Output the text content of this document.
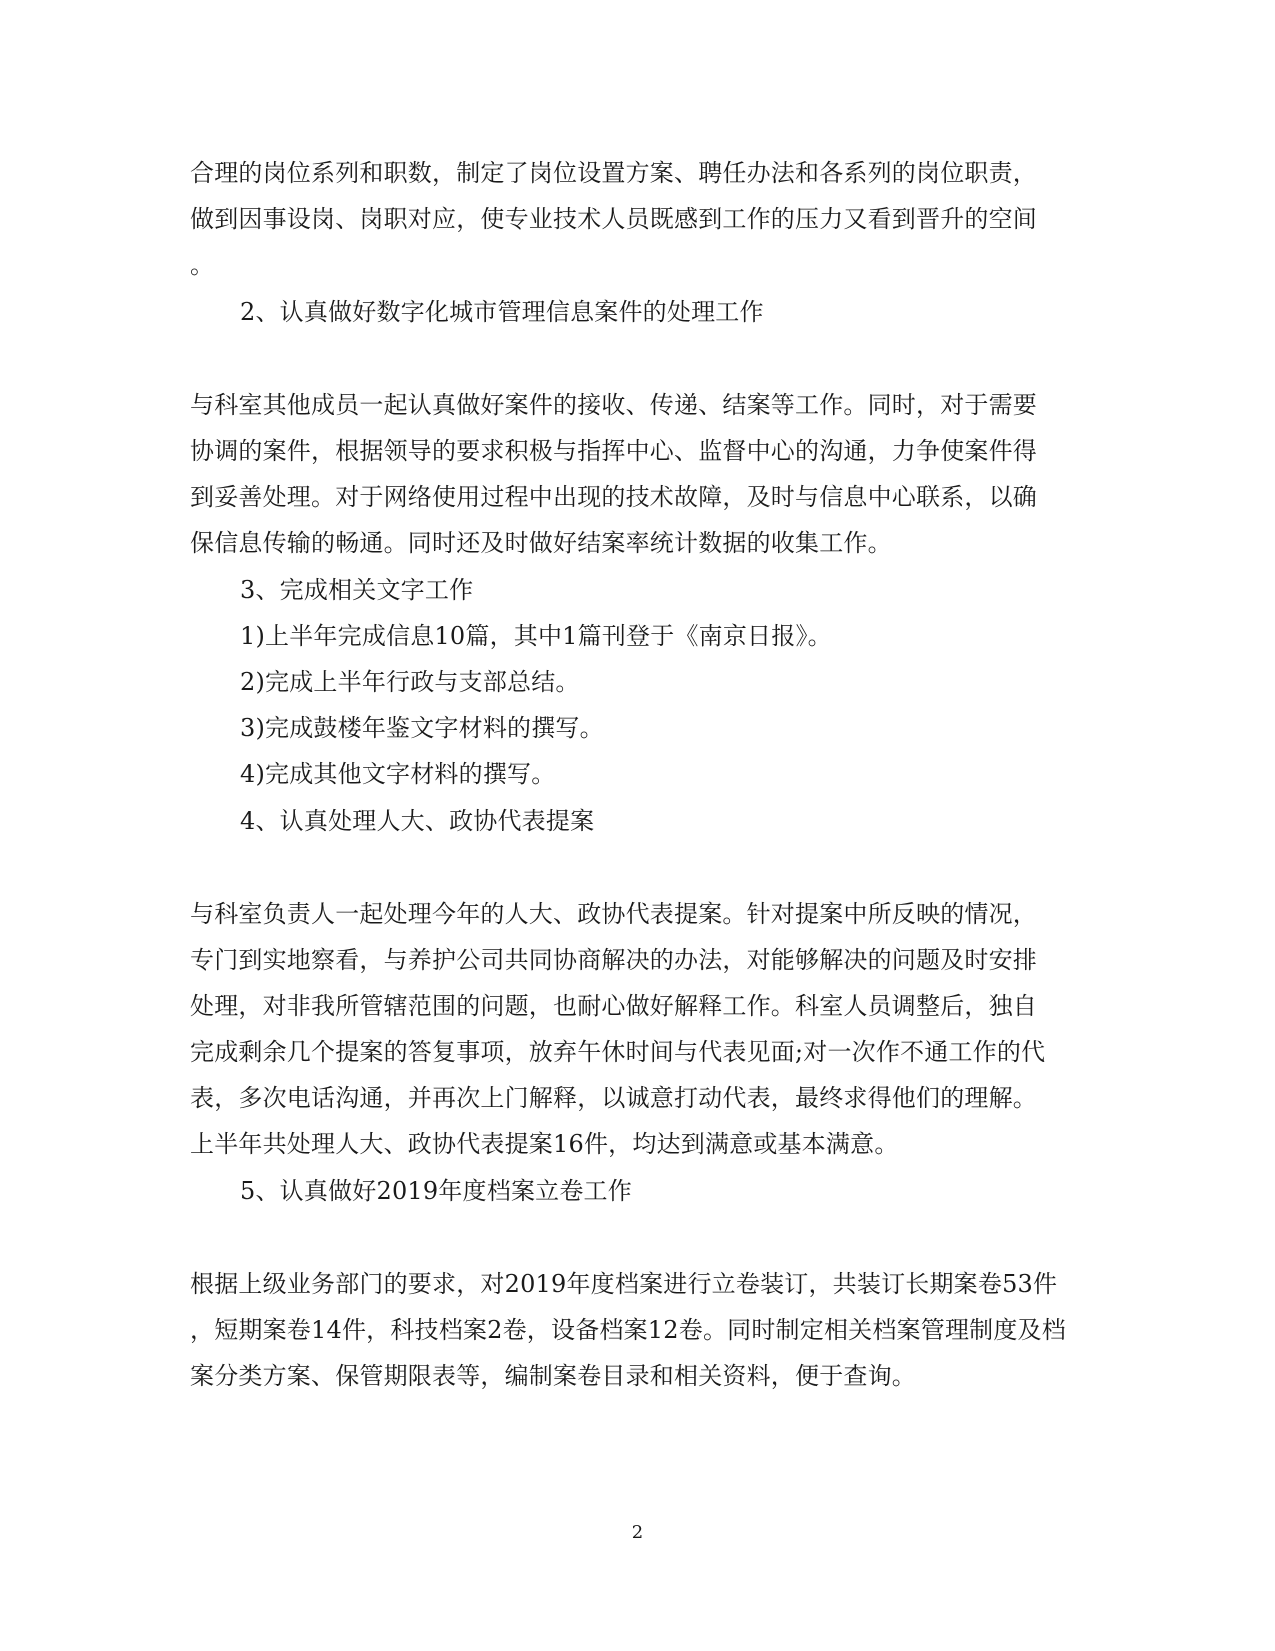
合理的岗位系列和职数，制定了岗位设置方案、聘任办法和各系列的岗位职责，
做到因事设岗、岗职对应，使专业技术人员既感到工作的压力又看到晋升的空间
。
2、认真做好数字化城市管理信息案件的处理工作
与科室其他成员一起认真做好案件的接收、传递、结案等工作。同时，对于需要
协调的案件，根据领导的要求积极与指挥中心、监督中心的沟通，力争使案件得
到妥善处理。对于网络使用过程中出现的技术故障，及时与信息中心联系，以确
保信息传输的畅通。同时还及时做好结案率统计数据的收集工作。
3、完成相关文字工作
1)上半年完成信息10篇，其中1篇刊登于《南京日报》。
2)完成上半年行政与支部总结。
3)完成鼓楼年鉴文字材料的撰写。
4)完成其他文字材料的撰写。
4、认真处理人大、政协代表提案
与科室负责人一起处理今年的人大、政协代表提案。针对提案中所反映的情况，
专门到实地察看，与养护公司共同协商解决的办法，对能够解决的问题及时安排
处理，对非我所管辖范围的问题，也耐心做好解释工作。科室人员调整后，独自
完成剩余几个提案的答复事项，放弃午休时间与代表见面;对一次作不通工作的代
表，多次电话沟通，并再次上门解释，以诚意打动代表，最终求得他们的理解。
上半年共处理人大、政协代表提案16件，均达到满意或基本满意。
5、认真做好2019年度档案立卷工作
根据上级业务部门的要求，对2019年度档案进行立卷装订，共装订长期案卷53件
，短期案卷14件，科技档案2卷，设备档案12卷。同时制定相关档案管理制度及档
案分类方案、保管期限表等，编制案卷目录和相关资料，便于查询。
2
